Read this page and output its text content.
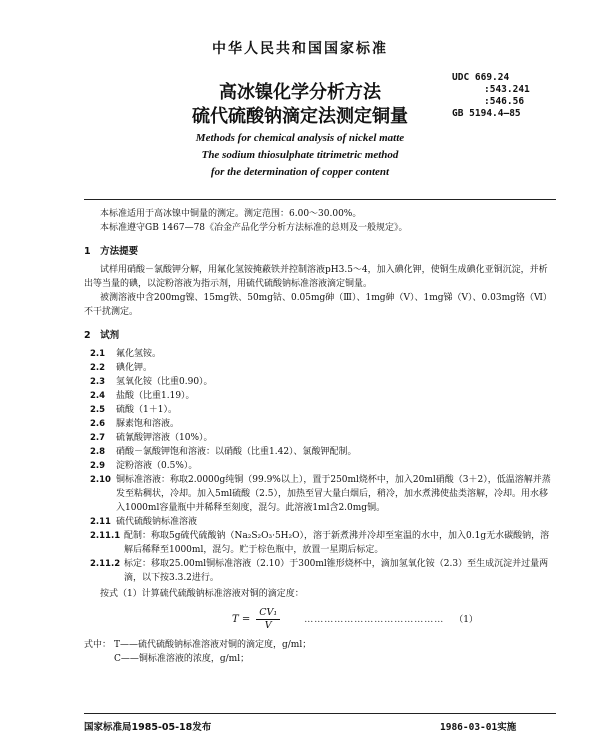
中华人民共和国国家标准
UDC 669.24
:543.241
:546.56
GB 5194.4—85
高冰镍化学分析方法
硫代硫酸钠滴定法测定铜量
Methods for chemical analysis of nickel matte
The sodium thiosulphate titrimetric method
for the determination of copper content

本标准适用于高冰镍中铜量的测定。测定范围：6.00～30.00%。

本标准遵守GB 1467—78《冶金产品化学分析方法标准的总则及一般规定》。

1　方法提要

试样用硝酸－氯酸钾分解，用氟化氢铵掩蔽铁并控制溶液pH3.5～4，加入碘化钾，使铜生成碘化亚铜沉淀，并析出等当量的碘，以淀粉溶液为指示剂，用硫代硫酸钠标准溶液滴定铜量。

被测溶液中含200mg镍、15mg铁、50mg钴、0.05mg砷（Ⅲ）、1mg砷（Ⅴ）、1mg锑（Ⅴ）、0.03mg铬（Ⅵ）不干扰测定。

2　试剂
2.1	氟化氢铵。
2.2	碘化钾。
2.3	氢氧化铵（比重0.90）。
2.4	盐酸（比重1.19）。
2.5	硫酸（1＋1）。
2.6	脲素饱和溶液。
2.7	硫氰酸钾溶液（10%）。
2.8	硝酸－氯酸钾饱和溶液：以硝酸（比重1.42）、氯酸钾配制。
2.9	淀粉溶液（0.5%）。
2.10 铜标准溶液：称取2.0000g纯铜（99.9%以上），置于250ml烧杯中，加入20ml硝酸（3＋2），低温溶解并蒸发至粘稠状，冷却。加入5ml硫酸（2.5），加热至冒大量白烟后，稍冷，加水煮沸使盐类溶解，冷却。用水移入1000ml容量瓶中并稀释至刻度，混匀。此溶液1ml含2.0mg铜。
2.11 硫代硫酸钠标准溶液
2.11.1 配制：称取5g硫代硫酸钠（Na₂S₂O₃·5H₂O），溶于新煮沸并冷却至室温的水中，加入0.1g无水碳酸钠，溶解后稀释至1000ml，混匀。贮于棕色瓶中，放置一星期后标定。
2.11.2 标定：移取25.00ml铜标准溶液（2.10）于300ml锥形烧杯中，滴加氢氧化铵（2.3）至生成沉淀并过量两滴，以下按3.3.2进行。

按式（1）计算硫代硫酸钠标准溶液对铜的滴定度：

$T = \frac{\text{CV₁}}{V}$	…………………………………… （1）

式中： T——硫代硫酸钠标准溶液对铜的滴定度，g/ml；

C——铜标准溶液的浓度，g/ml；

国家标准局1985-05-18发布	1986-03-01实施
